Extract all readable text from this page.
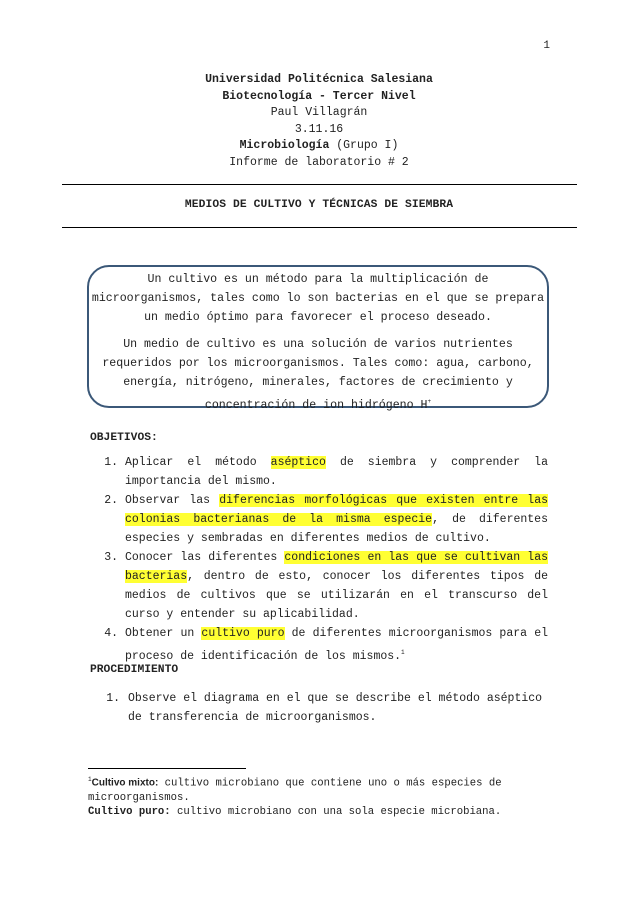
1
Universidad Politécnica Salesiana
Biotecnología - Tercer Nivel
Paul Villagrán
3.11.16
Microbiología (Grupo I)
Informe de laboratorio # 2
MEDIOS DE CULTIVO Y TÉCNICAS DE SIEMBRA

Un cultivo es un método para la multiplicación de microorganismos, tales como lo son bacterias en el que se prepara un medio óptimo para favorecer el proceso deseado.

Un medio de cultivo es una solución de varios nutrientes requeridos por los microorganismos. Tales como: agua, carbono, energía, nitrógeno, minerales, factores de crecimiento y concentración de ion hidrógeno H+

OBJETIVOS:
1. Aplicar el método aséptico de siembra y comprender la importancia del mismo.
2. Observar las diferencias morfológicas que existen entre las colonias bacterianas de la misma especie, de diferentes especies y sembradas en diferentes medios de cultivo.
3. Conocer las diferentes condiciones en las que se cultivan las bacterias, dentro de esto, conocer los diferentes tipos de medios de cultivos que se utilizarán en el transcurso del curso y entender su aplicabilidad.
4. Obtener un cultivo puro de diferentes microorganismos para el proceso de identificación de los mismos.$^1$
PROCEDIMIENTO
1. Observe el diagrama en el que se describe el método aséptico de transferencia de microorganismos.
$^1$Cultivo mixto: cultivo microbiano que contiene uno o más especies de microorganismos.
Cultivo puro: cultivo microbiano con una sola especie microbiana.
